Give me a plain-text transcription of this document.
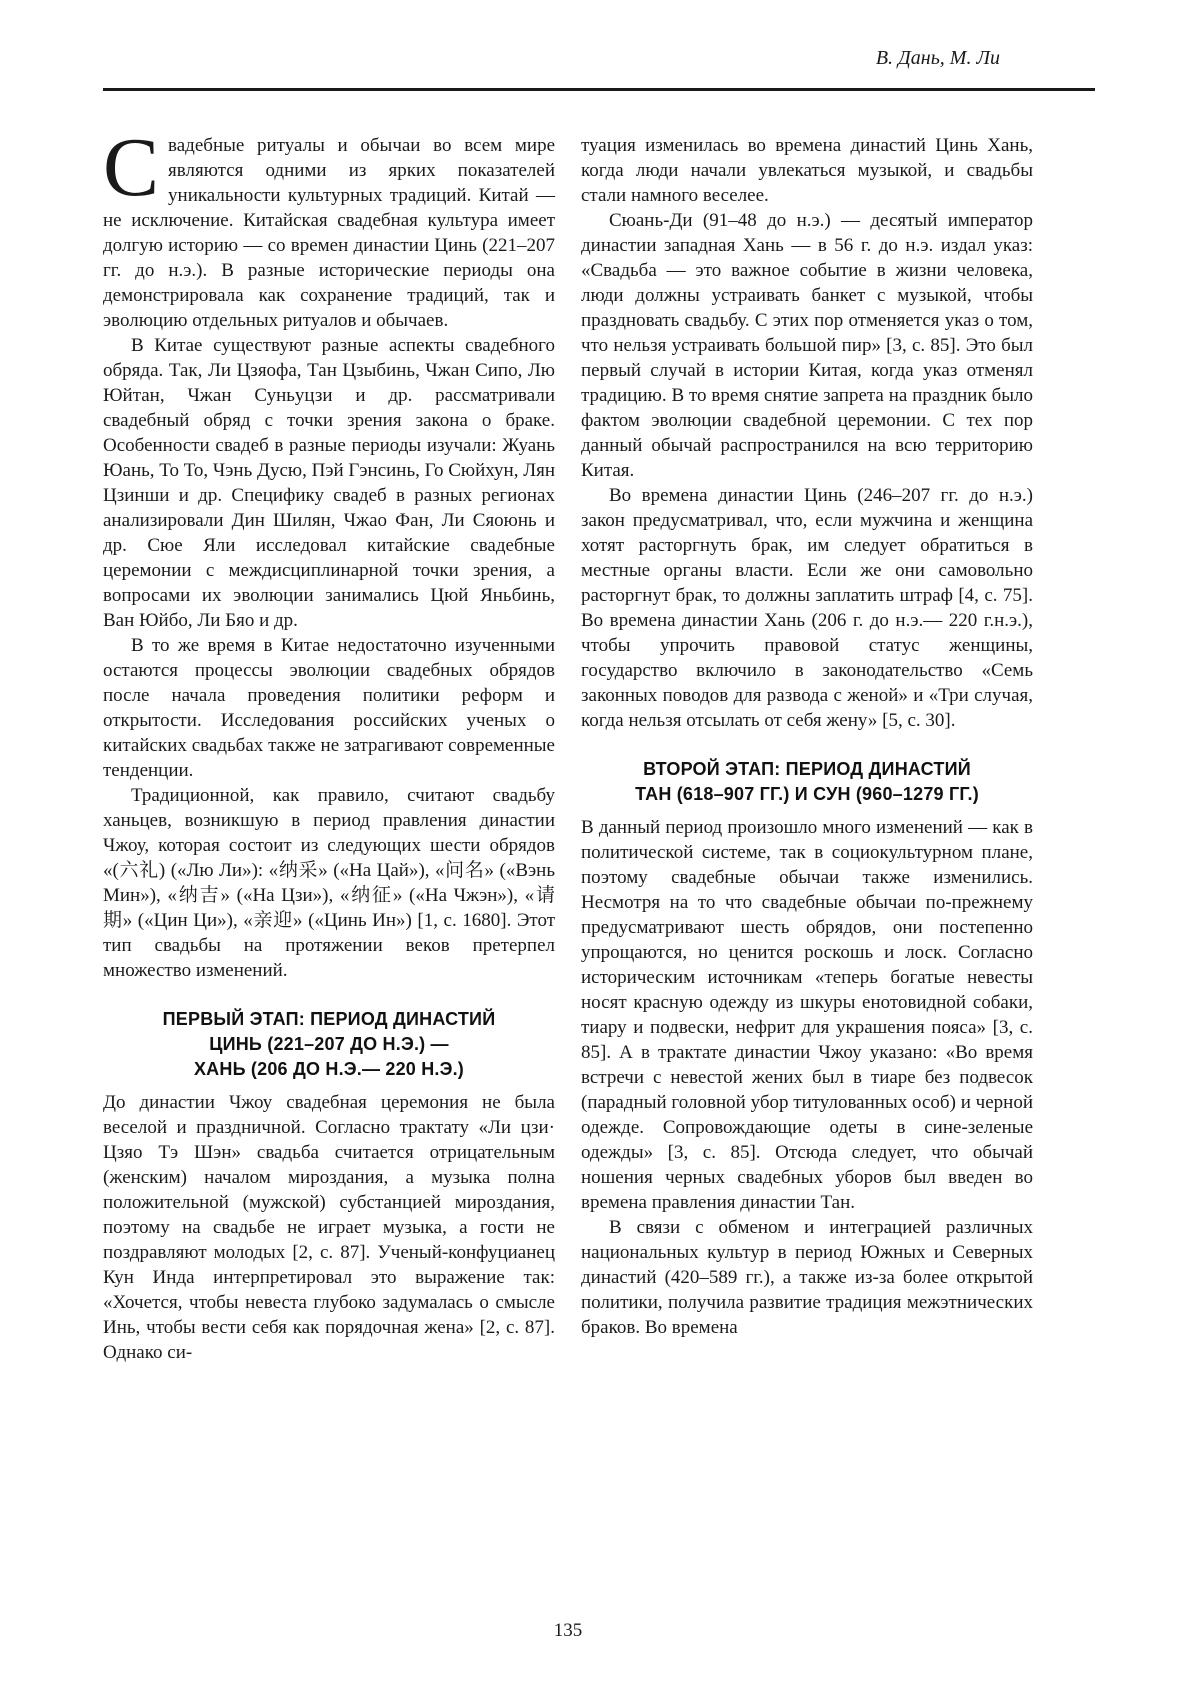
В. Дань, М. Ли

Свадебные ритуалы и обычаи во всем мире являются одними из ярких показателей уникальности культурных традиций. Китай — не исключение. Китайская свадебная культура имеет долгую историю — со времен династии Цинь (221–207 гг. до н.э.). В разные исторические периоды она демонстрировала как сохранение традиций, так и эволюцию отдельных ритуалов и обычаев.

В Китае существуют разные аспекты свадебного обряда. Так, Ли Цзяофа, Тан Цзыбинь, Чжан Сипо, Лю Юйтан, Чжан Суньуцзи и др. рассматривали свадебный обряд с точки зрения закона о браке. Особенности свадеб в разные периоды изучали: Жуань Юань, То То, Чэнь Дусю, Пэй Гэнсинь, Го Сюйхун, Лян Цзинши и др. Специфику свадеб в разных регионах анализировали Дин Шилян, Чжао Фан, Ли Сяоюнь и др. Сюе Яли исследовал китайские свадебные церемонии с междисциплинарной точки зрения, а вопросами их эволюции занимались Цюй Яньбинь, Ван Юйбо, Ли Бяо и др.

В то же время в Китае недостаточно изученными остаются процессы эволюции свадебных обрядов после начала проведения политики реформ и открытости. Исследования российских ученых о китайских свадьбах также не затрагивают современные тенденции.

Традиционной, как правило, считают свадьбу ханьцев, возникшую в период правления династии Чжоу, которая состоит из следующих шести обрядов «(六礼) («Лю Ли»): «纳采» («На Цай»), «问名» («Вэнь Мин»), «纳吉» («На Цзи»), «纳征» («На Чжэн»), «请期» («Цин Ци»), «亲迎» («Цинь Ин») [1, с. 1680]. Этот тип свадьбы на протяжении веков претерпел множество изменений.

ПЕРВЫЙ ЭТАП: ПЕРИОД ДИНАСТИЙ
ЦИНЬ (221–207 ДО Н.Э.) —
ХАНЬ (206 ДО Н.Э.— 220 Н.Э.)

До династии Чжоу свадебная церемония не была веселой и праздничной. Согласно трактату «Ли цзи· Цзяо Тэ Шэн» свадьба считается отрицательным (женским) началом мироздания, а музыка полна положительной (мужской) субстанцией мироздания, поэтому на свадьбе не играет музыка, а гости не поздравляют молодых [2, с. 87]. Ученый-конфуцианец Кун Инда интерпретировал это выражение так: «Хочется, чтобы невеста глубоко задумалась о смысле Инь, чтобы вести себя как порядочная жена» [2, с. 87]. Однако си-

туация изменилась во времена династий Цинь Хань, когда люди начали увлекаться музыкой, и свадьбы стали намного веселее.

Сюань-Ди (91–48 до н.э.) — десятый император династии западная Хань — в 56 г. до н.э. издал указ: «Свадьба — это важное событие в жизни человека, люди должны устраивать банкет с музыкой, чтобы праздновать свадьбу. С этих пор отменяется указ о том, что нельзя устраивать большой пир» [3, с. 85]. Это был первый случай в истории Китая, когда указ отменял традицию. В то время снятие запрета на праздник было фактом эволюции свадебной церемонии. С тех пор данный обычай распространился на всю территорию Китая.

Во времена династии Цинь (246–207 гг. до н.э.) закон предусматривал, что, если мужчина и женщина хотят расторгнуть брак, им следует обратиться в местные органы власти. Если же они самовольно расторгнут брак, то должны заплатить штраф [4, с. 75]. Во времена династии Хань (206 г. до н.э.— 220 г.н.э.), чтобы упрочить правовой статус женщины, государство включило в законодательство «Семь законных поводов для развода с женой» и «Три случая, когда нельзя отсылать от себя жену» [5, с. 30].

ВТОРОЙ ЭТАП: ПЕРИОД ДИНАСТИЙ
ТАН (618–907 ГГ.) И СУН (960–1279 ГГ.)

В данный период произошло много изменений — как в политической системе, так в социокультурном плане, поэтому свадебные обычаи также изменились. Несмотря на то что свадебные обычаи по-прежнему предусматривают шесть обрядов, они постепенно упрощаются, но ценится роскошь и лоск. Согласно историческим источникам «теперь богатые невесты носят красную одежду из шкуры енотовидной собаки, тиару и подвески, нефрит для украшения пояса» [3, с. 85]. А в трактате династии Чжоу указано: «Во время встречи с невестой жених был в тиаре без подвесок (парадный головной убор титулованных особ) и черной одежде. Сопровождающие одеты в сине-зеленые одежды» [3, с. 85]. Отсюда следует, что обычай ношения черных свадебных уборов был введен во времена правления династии Тан.

В связи с обменом и интеграцией различных национальных культур в период Южных и Северных династий (420–589 гг.), а также из-за более открытой политики, получила развитие традиция межэтнических браков. Во времена

135
